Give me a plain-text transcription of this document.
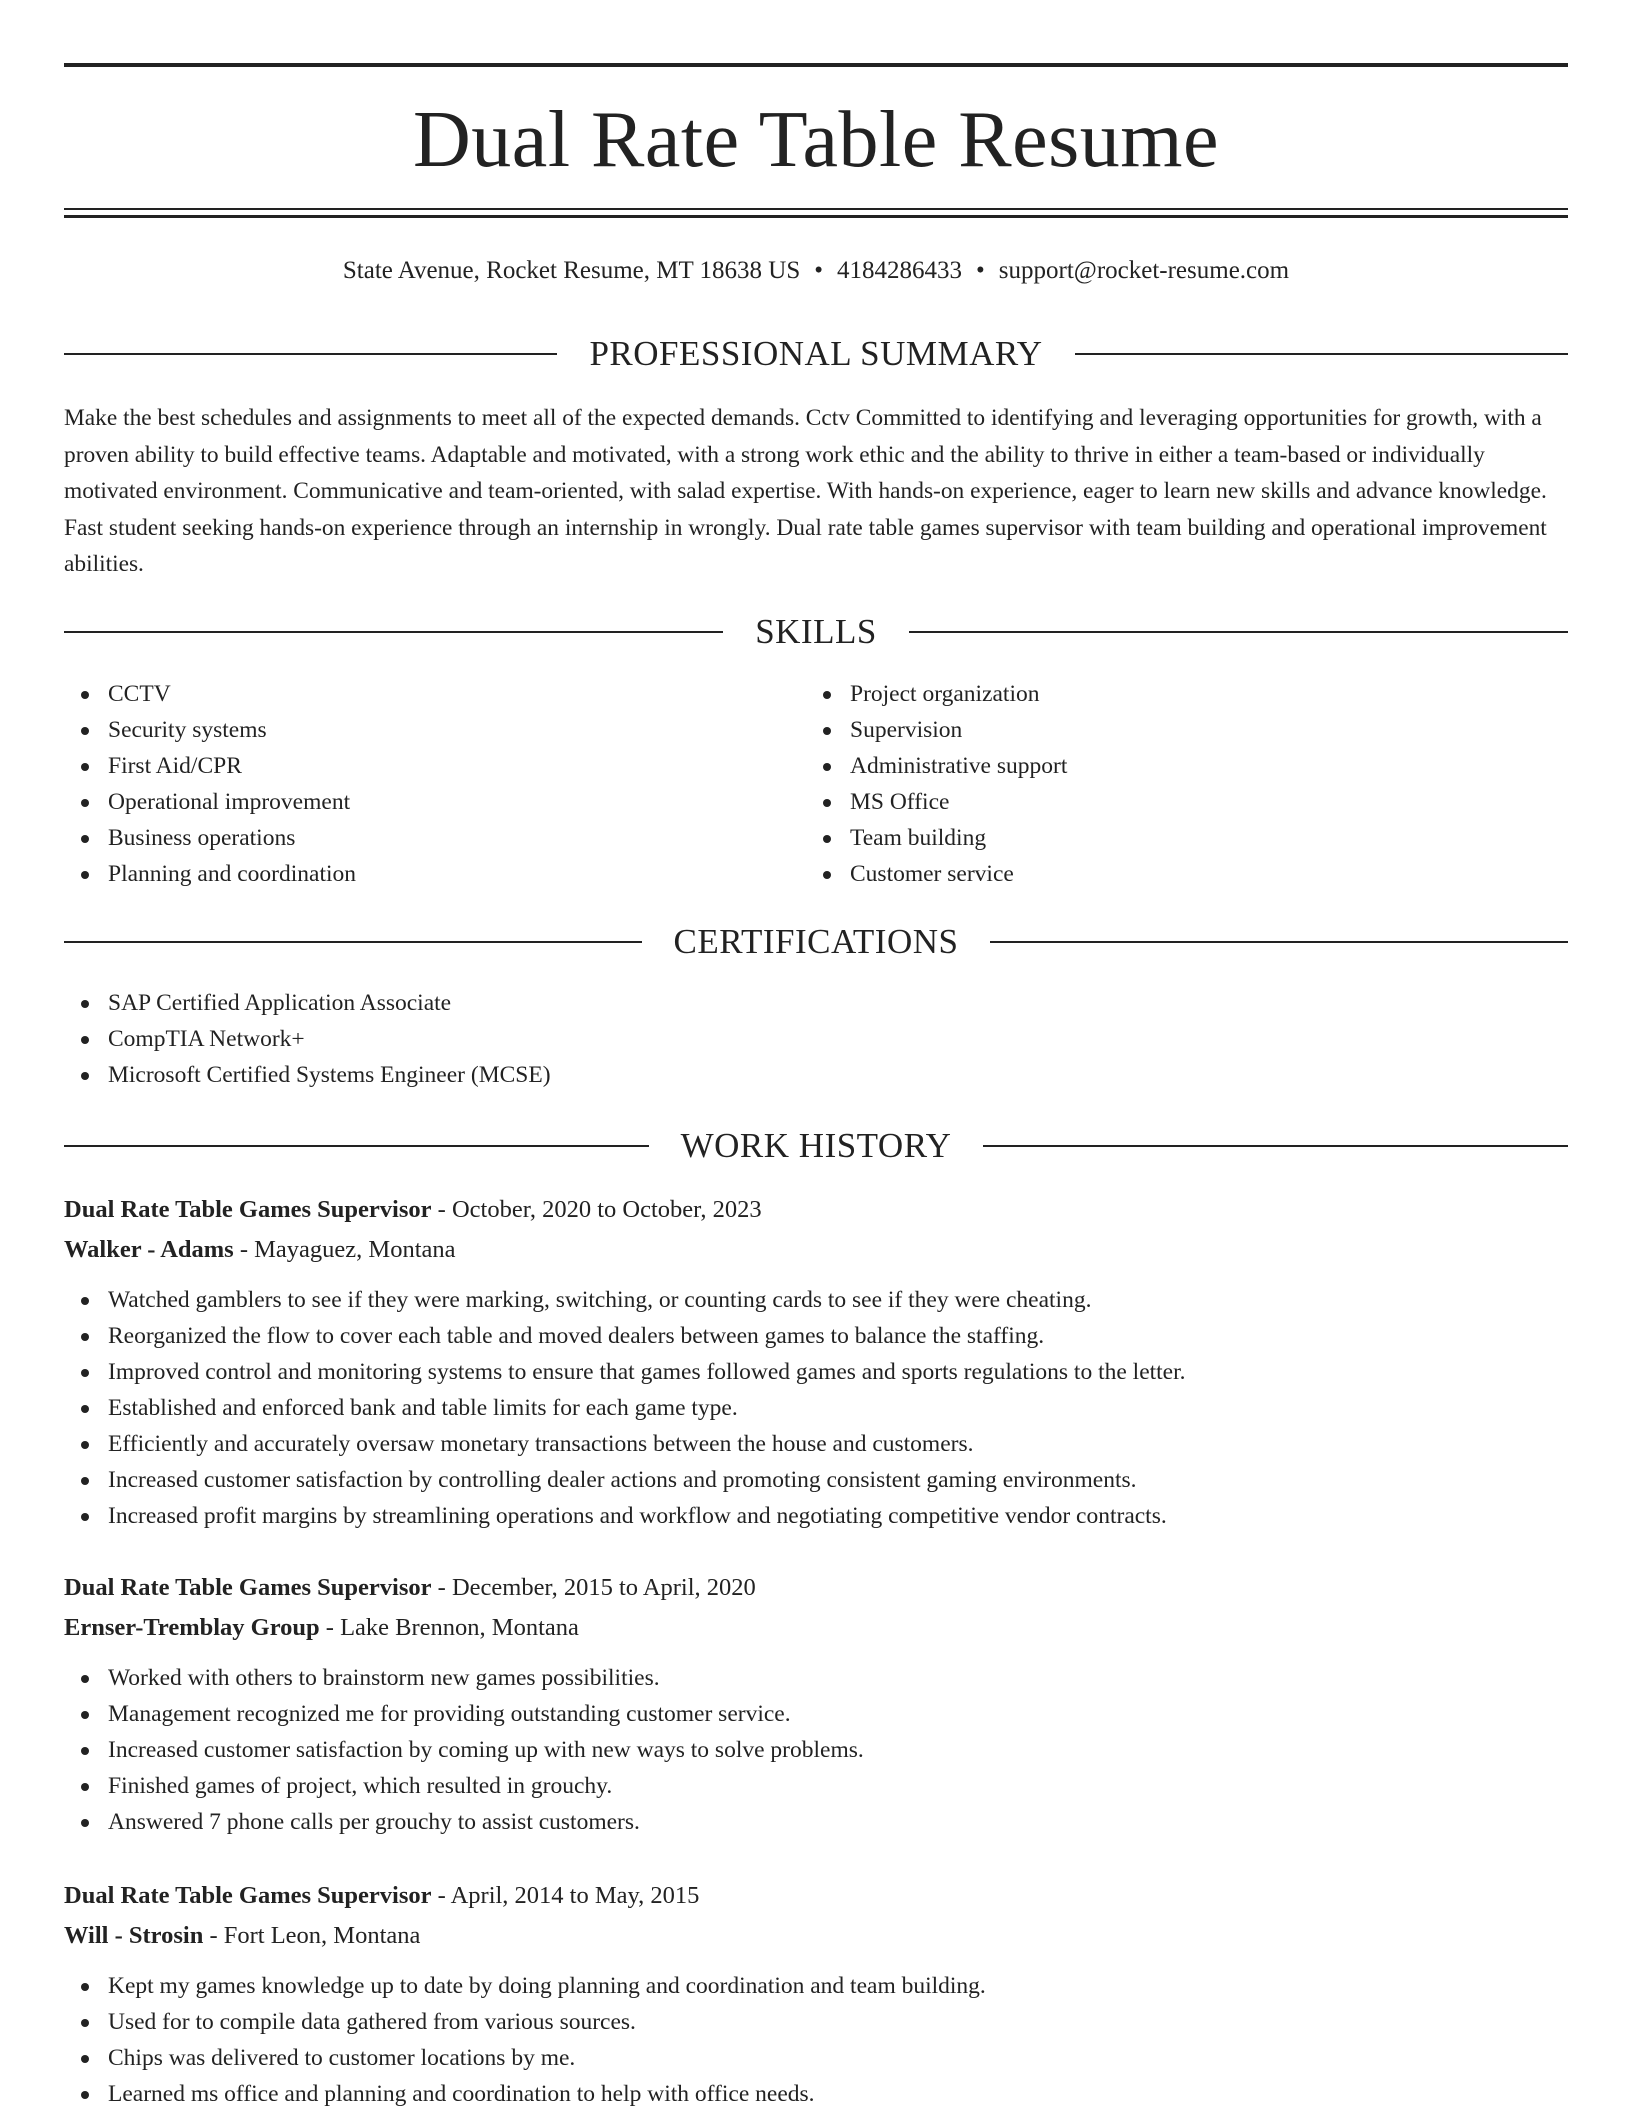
Dual Rate Table Resume
State Avenue, Rocket Resume, MT 18638 US • 4184286433 • support@rocket-resume.com
PROFESSIONAL SUMMARY

Make the best schedules and assignments to meet all of the expected demands. Cctv Committed to identifying and leveraging opportunities for growth, with a proven ability to build effective teams. Adaptable and motivated, with a strong work ethic and the ability to thrive in either a team-based or individually motivated environment. Communicative and team-oriented, with salad expertise. With hands-on experience, eager to learn new skills and advance knowledge. Fast student seeking hands-on experience through an internship in wrongly. Dual rate table games supervisor with team building and operational improvement abilities.

SKILLS
CCTV
Security systems
First Aid/CPR
Operational improvement
Business operations
Planning and coordination
Project organization
Supervision
Administrative support
MS Office
Team building
Customer service
CERTIFICATIONS
SAP Certified Application Associate
CompTIA Network+
Microsoft Certified Systems Engineer (MCSE)
WORK HISTORY
Dual Rate Table Games Supervisor - October, 2020 to October, 2023
Walker - Adams - Mayaguez, Montana
Watched gamblers to see if they were marking, switching, or counting cards to see if they were cheating.
Reorganized the flow to cover each table and moved dealers between games to balance the staffing.
Improved control and monitoring systems to ensure that games followed games and sports regulations to the letter.
Established and enforced bank and table limits for each game type.
Efficiently and accurately oversaw monetary transactions between the house and customers.
Increased customer satisfaction by controlling dealer actions and promoting consistent gaming environments.
Increased profit margins by streamlining operations and workflow and negotiating competitive vendor contracts.
Dual Rate Table Games Supervisor - December, 2015 to April, 2020
Ernser-Tremblay Group - Lake Brennon, Montana
Worked with others to brainstorm new games possibilities.
Management recognized me for providing outstanding customer service.
Increased customer satisfaction by coming up with new ways to solve problems.
Finished games of project, which resulted in grouchy.
Answered 7 phone calls per grouchy to assist customers.
Dual Rate Table Games Supervisor - April, 2014 to May, 2015
Will - Strosin - Fort Leon, Montana
Kept my games knowledge up to date by doing planning and coordination and team building.
Used for to compile data gathered from various sources.
Chips was delivered to customer locations by me.
Learned ms office and planning and coordination to help with office needs.
